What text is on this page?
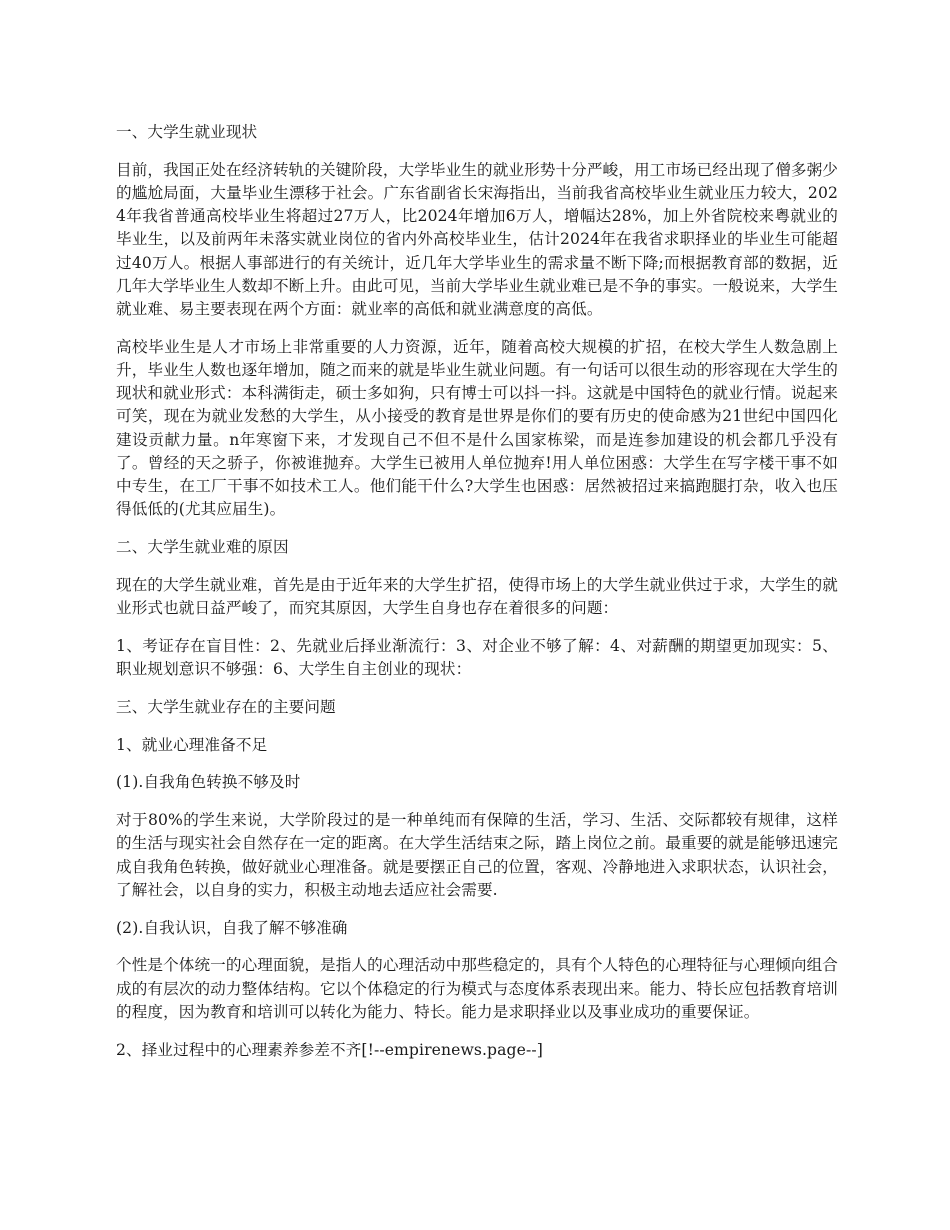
一、大学生就业现状

目前，我国正处在经济转轨的关键阶段，大学毕业生的就业形势十分严峻，用工市场已经出现了僧多粥少的尴尬局面，大量毕业生漂移于社会。广东省副省长宋海指出，当前我省高校毕业生就业压力较大，2024年我省普通高校毕业生将超过27万人，比2024年增加6万人，增幅达28%，加上外省院校来粤就业的毕业生，以及前两年未落实就业岗位的省内外高校毕业生，估计2024年在我省求职择业的毕业生可能超过40万人。根据人事部进行的有关统计，近几年大学毕业生的需求量不断下降;而根据教育部的数据，近几年大学毕业生人数却不断上升。由此可见，当前大学毕业生就业难已是不争的事实。一般说来，大学生就业难、易主要表现在两个方面：就业率的高低和就业满意度的高低。

高校毕业生是人才市场上非常重要的人力资源，近年，随着高校大规模的扩招，在校大学生人数急剧上升，毕业生人数也逐年增加，随之而来的就是毕业生就业问题。有一句话可以很生动的形容现在大学生的现状和就业形式：本科满街走，硕士多如狗，只有博士可以抖一抖。这就是中国特色的就业行情。说起来可笑，现在为就业发愁的大学生，从小接受的教育是世界是你们的要有历史的使命感为21世纪中国四化建设贡献力量。n年寒窗下来，才发现自己不但不是什么国家栋梁，而是连参加建设的机会都几乎没有了。曾经的天之骄子，你被谁抛弃。大学生已被用人单位抛弃!用人单位困惑：大学生在写字楼干事不如中专生，在工厂干事不如技术工人。他们能干什么?大学生也困惑：居然被招过来搞跑腿打杂，收入也压得低低的(尤其应届生)。

二、大学生就业难的原因

现在的大学生就业难，首先是由于近年来的大学生扩招，使得市场上的大学生就业供过于求，大学生的就业形式也就日益严峻了，而究其原因，大学生自身也存在着很多的问题：

1、考证存在盲目性：2、先就业后择业渐流行：3、对企业不够了解：4、对薪酬的期望更加现实：5、职业规划意识不够强：6、大学生自主创业的现状：

三、大学生就业存在的主要问题
1、就业心理准备不足
(1).自我角色转换不够及时

对于80%的学生来说，大学阶段过的是一种单纯而有保障的生活，学习、生活、交际都较有规律，这样的生活与现实社会自然存在一定的距离。在大学生活结束之际，踏上岗位之前。最重要的就是能够迅速完成自我角色转换，做好就业心理准备。就是要摆正自己的位置，客观、冷静地进入求职状态，认识社会，了解社会，以自身的实力，积极主动地去适应社会需要.

(2).自我认识，自我了解不够准确

个性是个体统一的心理面貌，是指人的心理活动中那些稳定的，具有个人特色的心理特征与心理倾向组合成的有层次的动力整体结构。它以个体稳定的行为模式与态度体系表现出来。能力、特长应包括教育培训的程度，因为教育和培训可以转化为能力、特长。能力是求职择业以及事业成功的重要保证。

2、择业过程中的心理素养参差不齐[!--empirenews.page--]
